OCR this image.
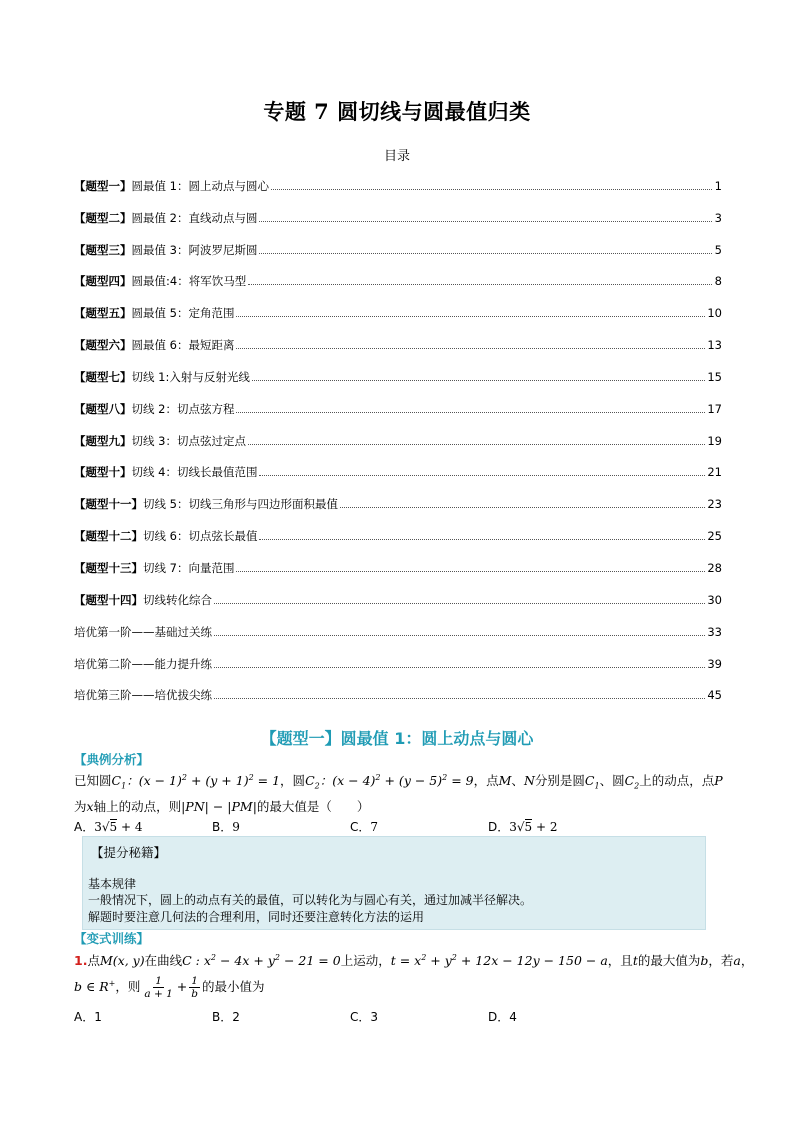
专题 7 圆切线与圆最值归类
目录
【题型一】圆最值 1：圆上动点与圆心	1
【题型二】圆最值 2：直线动点与圆	3
【题型三】圆最值 3：阿波罗尼斯圆	5
【题型四】圆最值:4：将军饮马型	8
【题型五】圆最值 5：定角范围	10
【题型六】圆最值 6：最短距离	13
【题型七】切线 1:入射与反射光线	15
【题型八】切线 2：切点弦方程	17
【题型九】切线 3：切点弦过定点	19
【题型十】切线 4：切线长最值范围	21
【题型十一】切线 5：切线三角形与四边形面积最值	23
【题型十二】切线 6：切点弦长最值	25
【题型十三】切线 7：向量范围	28
【题型十四】切线转化综合	30
培优第一阶——基础过关练	33
培优第二阶——能力提升练	39
培优第三阶——培优拔尖练	45
【题型一】圆最值 1：圆上动点与圆心
【典例分析】
已知圆$C_1$：$(x - 1)^2 + (y + 1)^2 = 1$，圆$C_2$：$(x - 4)^2 + (y - 5)^2 = 9$，点M、N分别是圆$C_1$、圆$C_2$上的动点，点P
为x轴上的动点，则|PN| − |PM|的最大值是（　　）
A．3√5 + 4	B．9	C．7	D．3√5 + 2
【提分秘籍】
基本规律
一般情况下，圆上的动点有关的最值，可以转化为与圆心有关，通过加减半径解决。
解题时要注意几何法的合理利用，同时还要注意转化方法的运用
【变式训练】
1.点M(x, y)在曲线C : $x^2 - 4x + y^2 - 21 = 0$上运动，$t = x^2 + y^2 + 12x - 12y - 150 - a$，且t的最大值为b，若a，
b ∈ R+，则 $\frac{1}{a + 1} + \frac{1}{b}$ 的最小值为
A．1	B．2	C．3	D．4
